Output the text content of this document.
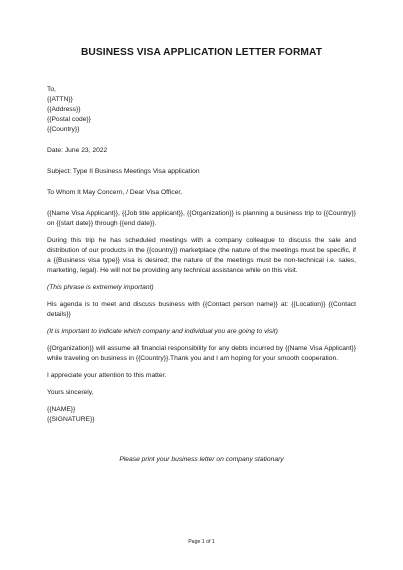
BUSINESS VISA APPLICATION LETTER FORMAT
To,
{{ATTN}}
{{Address}}
{{Postal code}}
{{Country}}
Date: June 23, 2022
Subject: Type II Business Meetings Visa application
To Whom It May Concern, / Dear Visa Officer,

{{Name Visa Applicant}}, {{Job title applicant}}, {{Organization}} is planning a business trip to {{Country}} on {{start date}} through {{end date}}.

During this trip he has scheduled meetings with a company colleague to discuss the sale and distribution of our products in the {{country}} marketplace (the nature of the meetings must be specific, if a {{Business visa type}} visa is desired; the nature of the meetings must be non-technical i.e. sales, marketing, legal). He will not be providing any technical assistance while on this visit.

(This phrase is extremely important)

His agenda is to meet and discuss business with {{Contact person name}} at: {{Location}} {{Contact details}}

(It is important to indicate which company and individual you are going to visit)

{{Organization}} will assume all financial responsibility for any debts incurred by {{Name Visa Applicant}} while traveling on business in {{Country}}.Thank you and I am hoping for your smooth cooperation.

I appreciate your attention to this matter.
Yours sincerely,
{{NAME}}
{{SIGNATURE}}
Please print your business letter on company stationary
Page 1 of 1
